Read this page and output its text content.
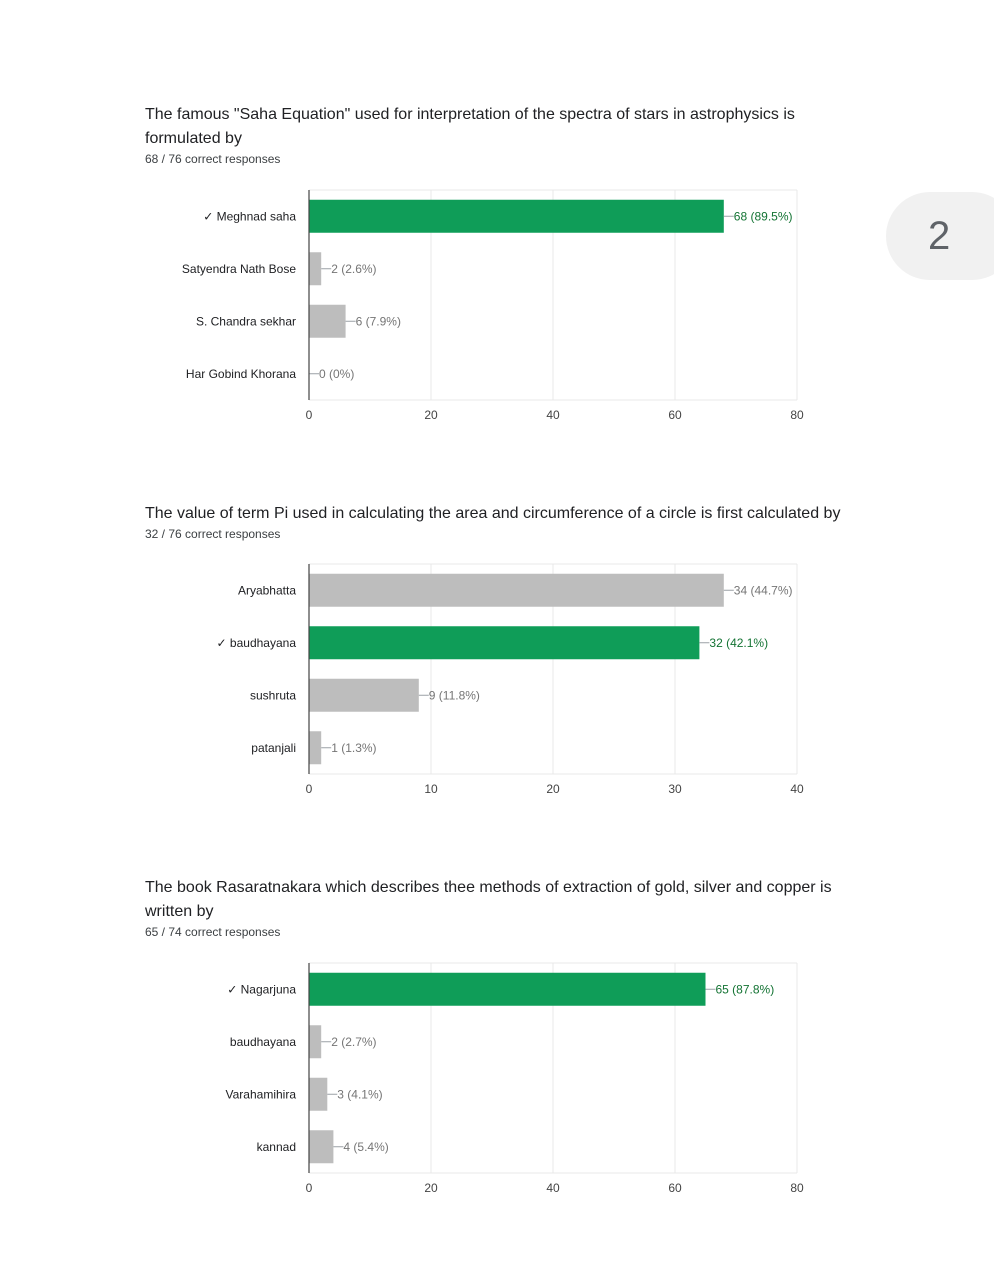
2

The famous "Saha Equation" used for interpretation of the spectra of stars in astrophysics is formulated by

68 / 76 correct responses
0	20	40	60	80
✓ Meghnad saha	68 (89.5%)
Satyendra Nath Bose	2 (2.6%)
S. Chandra sekhar	6 (7.9%)
Har Gobind Khorana 0 (0%)

The value of term Pi used in calculating the area and circumference of a circle is first calculated by

32 / 76 correct responses
0	10	20	30	40
Aryabhatta	34 (44.7%)
✓ baudhayana	32 (42.1%)
sushruta	9 (11.8%)
patanjali	1 (1.3%)

The book Rasaratnakara which describes thee methods of extraction of gold, silver and copper is written by

65 / 74 correct responses
0	20	40	60	80
✓ Nagarjuna	65 (87.8%)
baudhayana	2 (2.7%)
Varahamihira	3 (4.1%)
kannad	4 (5.4%)
